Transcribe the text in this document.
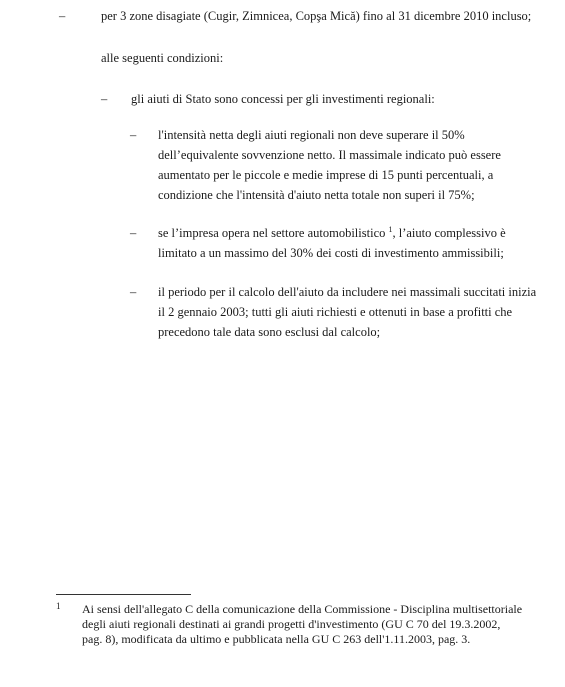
–	per 3 zone disagiate (Cugir, Zimnicea, Copşa Mică) fino al 31 dicembre 2010 incluso;
alle seguenti condizioni:
– gli aiuti di Stato sono concessi per gli investimenti regionali:
– l'intensità netta degli aiuti regionali non deve superare il 50%
dell’equivalente sovvenzione netto. Il massimale indicato può essere
aumentato per le piccole e medie imprese di 15 punti percentuali, a
condizione che l'intensità d'aiuto netta totale non superi il 75%;
– se l’impresa opera nel settore automobilistico $^1$, l’aiuto complessivo è
limitato a un massimo del 30% dei costi di investimento ammissibili;
– il periodo per il calcolo dell'aiuto da includere nei massimali succitati inizia
il 2 gennaio 2003; tutti gli aiuti richiesti e ottenuti in base a profitti che
precedono tale data sono esclusi dal calcolo;
1 Ai sensi dell'allegato C della comunicazione della Commissione - Disciplina multisettoriale
degli aiuti regionali destinati ai grandi progetti d'investimento (GU C 70 del 19.3.2002,
pag. 8), modificata da ultimo e pubblicata nella GU C 263 dell'1.11.2003, pag. 3.
